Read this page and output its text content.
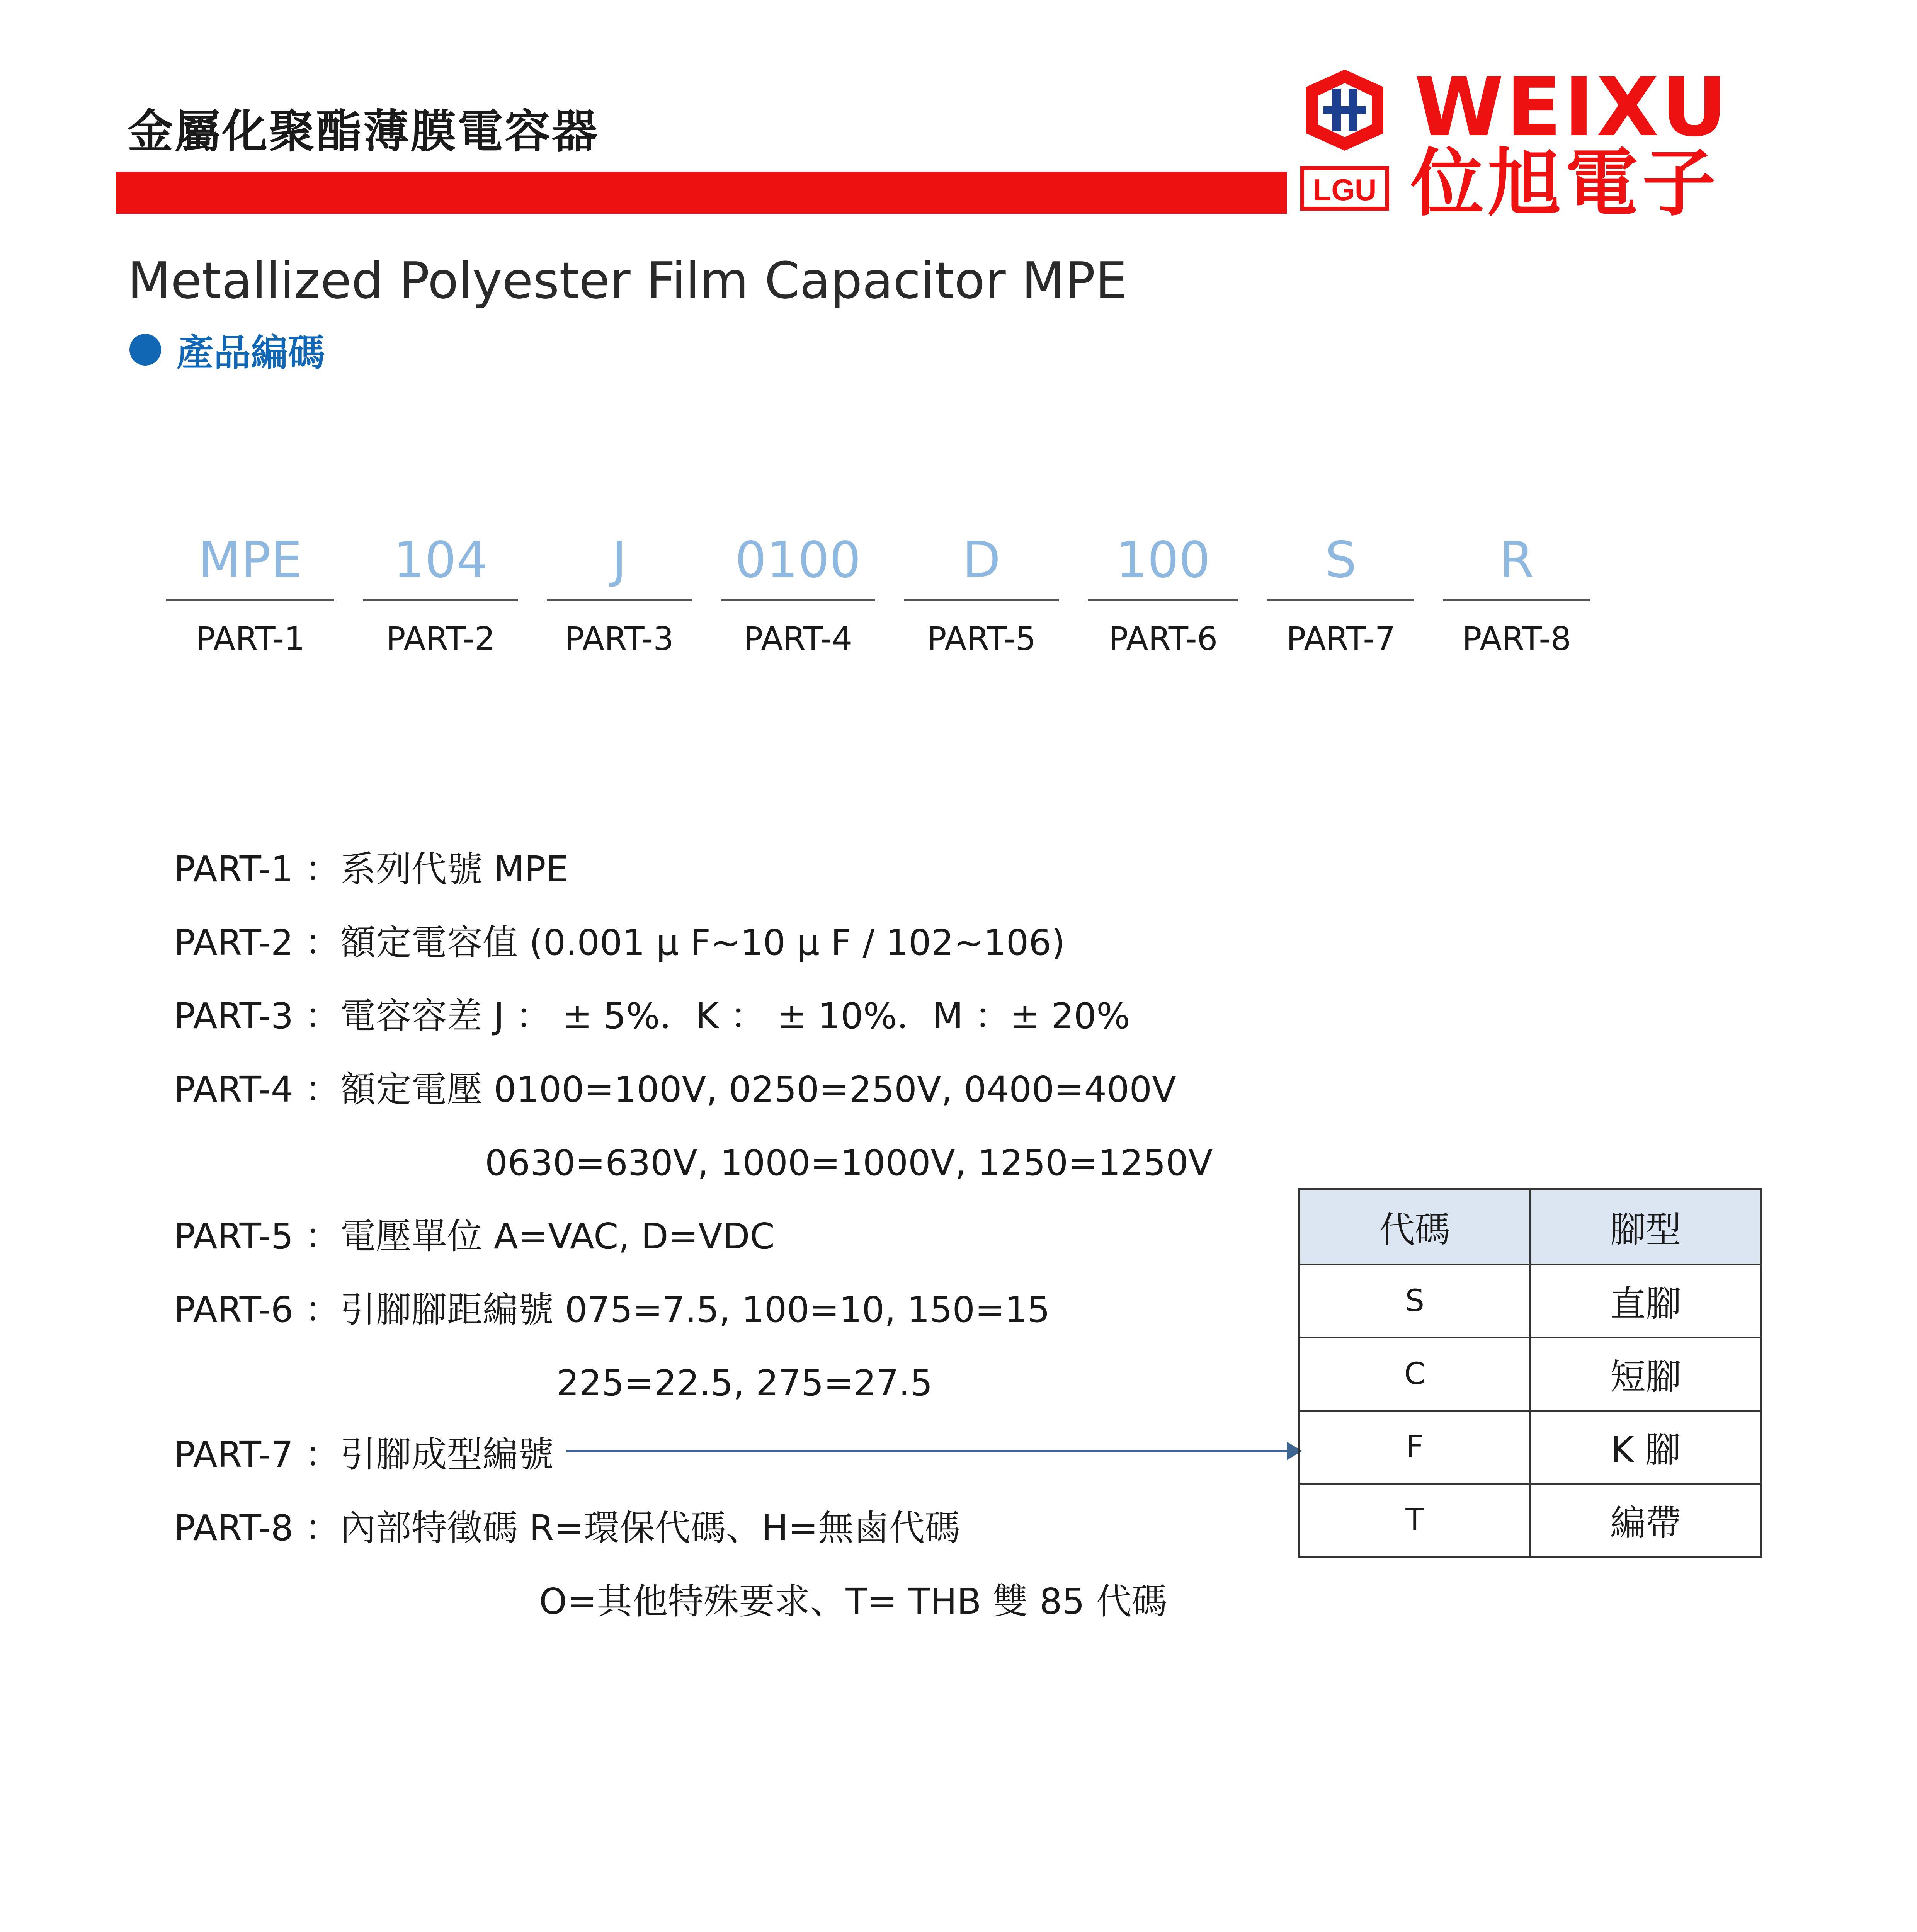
金屬化聚酯薄膜電容器
LGU
WEIXU
位旭電子
Metallized Polyester Film Capacitor MPE
產品編碼
MPE
PART-1
104
PART-2
J
PART-3
0100
PART-4
D
PART-5
100
PART-6
S
PART-7
R
PART-8
PART-1 ：系列代號 MPE
PART-2 ：額定電容值 (0.001 μ F~10 μ F / 102~106)
PART-3 ：電容容差 J ： ± 5%．K ： ± 10%．M ：± 20%
PART-4 ：額定電壓 0100=100V, 0250=250V, 0400=400V
0630=630V, 1000=1000V, 1250=1250V
PART-5 ：電壓單位 A=VAC, D=VDC
PART-6 ：引腳腳距編號 075=7.5, 100=10, 150=15
225=22.5, 275=27.5
PART-7 ：引腳成型編號
PART-8 ：內部特徵碼 R=環保代碼、H=無鹵代碼
O=其他特殊要求、T= THB 雙 85 代碼
代碼	腳型
S	直腳
C	短腳
F	K 腳
T	編帶
